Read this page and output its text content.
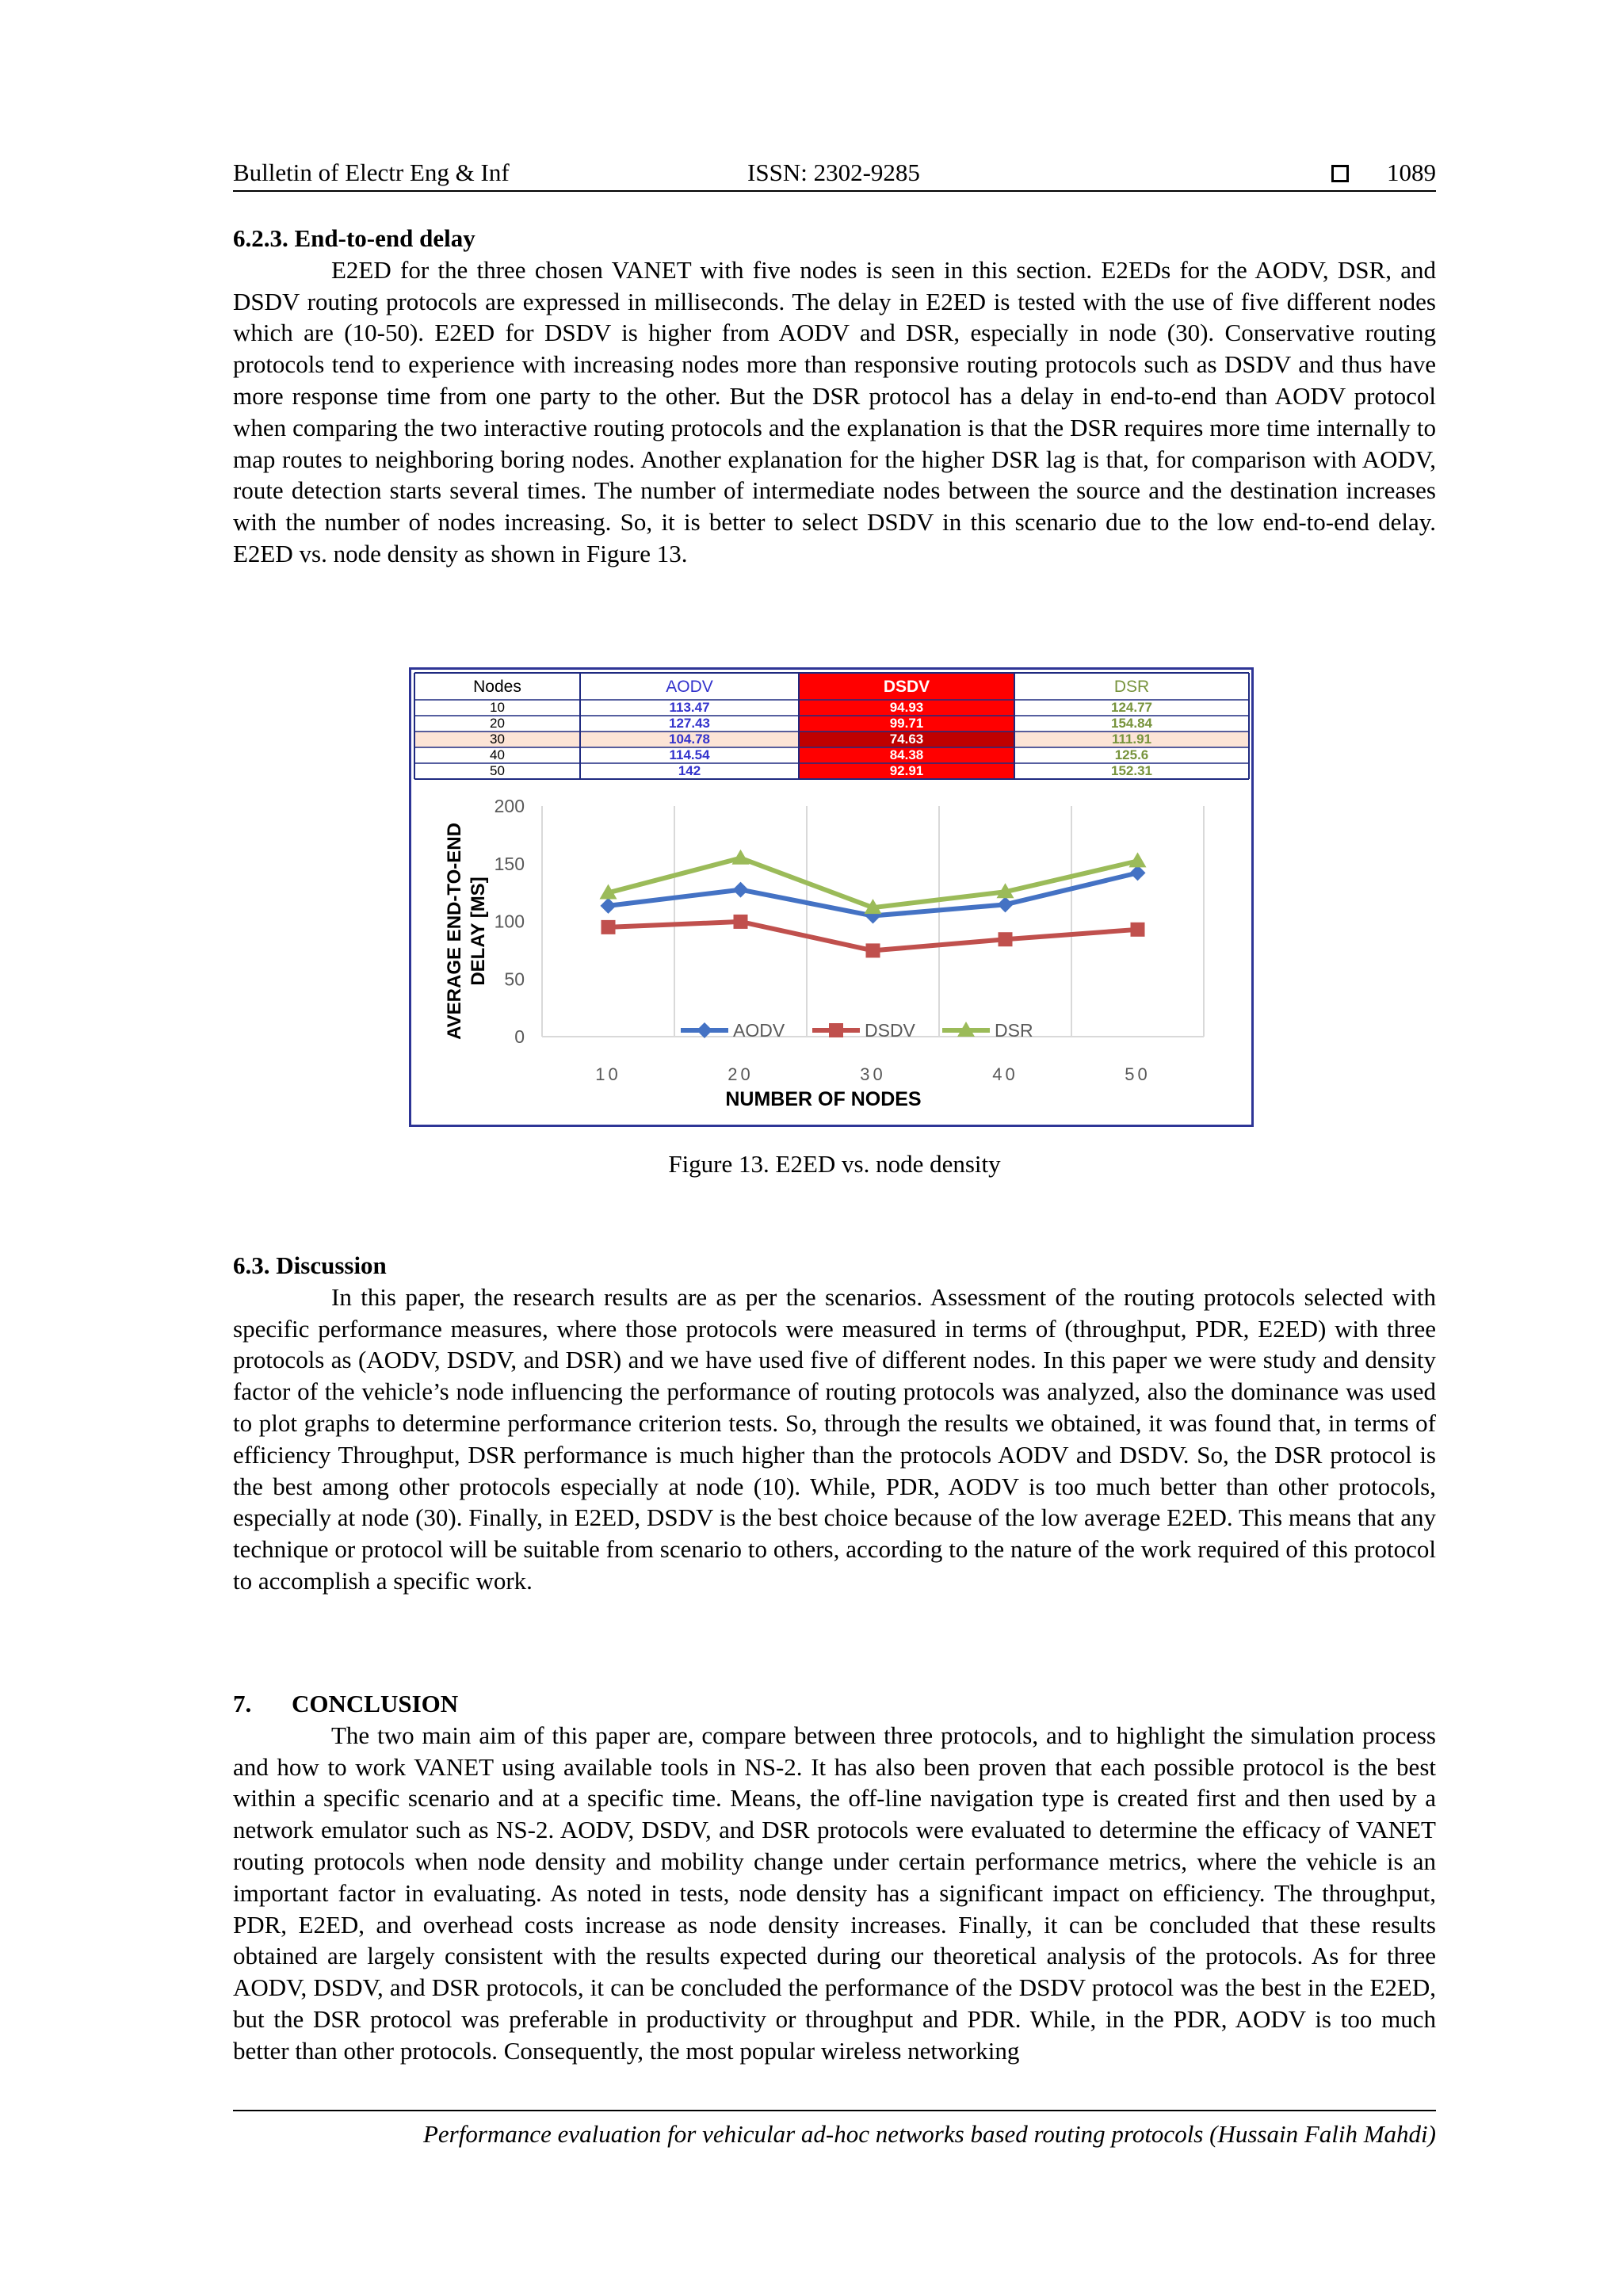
Bulletin of Electr Eng & Inf	ISSN: 2302-9285	1089
6.2.3. End-to-end delay
E2ED for the three chosen VANET with five nodes is seen in this section. E2EDs for the AODV, DSR, and DSDV routing protocols are expressed in milliseconds. The delay in E2ED is tested with the use of five different nodes which are (10-50). E2ED for DSDV is higher from AODV and DSR, especially in node (30). Conservative routing protocols tend to experience with increasing nodes more than responsive routing protocols such as DSDV and thus have more response time from one party to the other. But the DSR protocol has a delay in end-to-end than AODV protocol when comparing the two interactive routing protocols and the explanation is that the DSR requires more time internally to map routes to neighboring boring nodes. Another explanation for the higher DSR lag is that, for comparison with AODV, route detection starts several times. The number of intermediate nodes between the source and the destination increases with the number of nodes increasing. So, it is better to select DSDV in this scenario due to the low end-to-end delay. E2ED vs. node density as shown in Figure 13.
Nodes	AODV	DSDV	DSR
10	113.47	94.93	124.77
20	127.43	99.71	154.84
30	104.78	74.63	111.91
40	114.54	84.38	125.6
50	142	92.91	152.31
0
50
100
150
200
10	20	30	40	50
NUMBER OF NODES
AVERAGE END-TO-END DELAY [MS]
AODV	DSDV	DSR
Figure 13. E2ED vs. node density
6.3. Discussion
In this paper, the research results are as per the scenarios. Assessment of the routing protocols selected with specific performance measures, where those protocols were measured in terms of (throughput, PDR, E2ED) with three protocols as (AODV, DSDV, and DSR) and we have used five of different nodes. In this paper we were study and density factor of the vehicle’s node influencing the performance of routing protocols was analyzed, also the dominance was used to plot graphs to determine performance criterion tests. So, through the results we obtained, it was found that, in terms of efficiency Throughput, DSR performance is much higher than the protocols AODV and DSDV. So, the DSR protocol is the best among other protocols especially at node (10). While, PDR, AODV is too much better than other protocols, especially at node (30). Finally, in E2ED, DSDV is the best choice because of the low average E2ED. This means that any technique or protocol will be suitable from scenario to others, according to the nature of the work required of this protocol to accomplish a specific work.
7. CONCLUSION
The two main aim of this paper are, compare between three protocols, and to highlight the simulation process and how to work VANET using available tools in NS-2. It has also been proven that each possible protocol is the best within a specific scenario and at a specific time. Means, the off-line navigation type is created first and then used by a network emulator such as NS-2. AODV, DSDV, and DSR protocols were evaluated to determine the efficacy of VANET routing protocols when node density and mobility change under certain performance metrics, where the vehicle is an important factor in evaluating. As noted in tests, node density has a significant impact on efficiency. The throughput, PDR, E2ED, and overhead costs increase as node density increases. Finally, it can be concluded that these results obtained are largely consistent with the results expected during our theoretical analysis of the protocols. As for three AODV, DSDV, and DSR protocols, it can be concluded the performance of the DSDV protocol was the best in the E2ED, but the DSR protocol was preferable in productivity or throughput and PDR. While, in the PDR, AODV is too much better than other protocols. Consequently, the most popular wireless networking
Performance evaluation for vehicular ad-hoc networks based routing protocols (Hussain Falih Mahdi)
